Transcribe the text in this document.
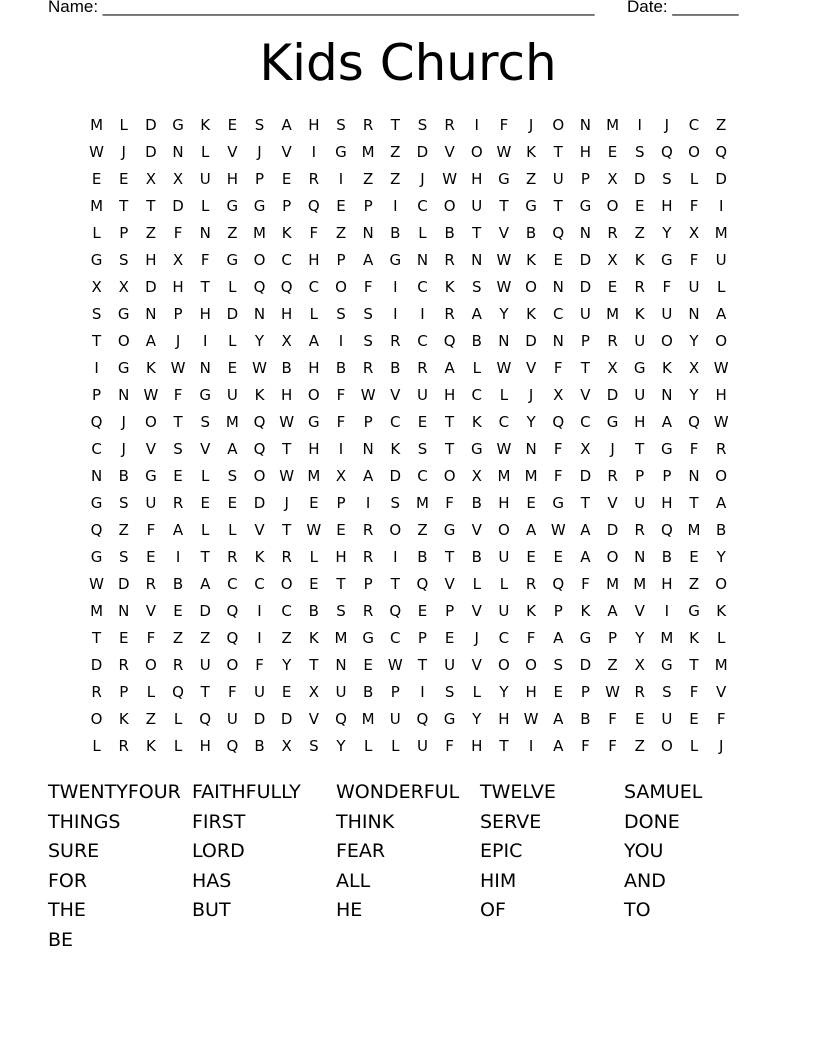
Name: ____________________________________________________ Date: _______
Kids Church
M	L	D	G	K	E	S	A	H	S	R	T	S	R	I	F	J	O	N	M	I	J	C	Z
W	J	D	N	L	V	J	V	I	G M	Z	D	V	O W K	T	H	E	S	Q	O	Q
E	E	X	X	U	H	P	E	R	I	Z	Z	J	W H	G	Z	U	P	X	D	S	L	D
M	T	T	D	L	G	G	P	Q	E	P	I	C	O	U	T	G	T	G	O	E	H	F	I
L	P	Z	F	N	Z	M	K	F	Z	N	B	L	B	T	V	B	Q	N	R	Z	Y	X	M
G	S	H	X	F	G	O	C	H	P	A	G	N	R	N W K	E	D	X	K	G	F	U
X	X	D	H	T	L	Q	Q	C	O	F	I	C	K	S W O	N	D	E	R	F	U	L
S	G	N	P	H	D	N	H	L	S	S	I	I	R	A	Y	K	C	U	M	K	U	N	A
T	O	A	J	I	L	Y	X	A	I	S	R	C	Q	B	N	D	N	P	R	U	O	Y	O
I	G	K W N	E	W B	H	B	R	B	R	A	L	W V	F	T	X	G	K	X W
P	N W	F	G	U	K	H	O	F	W V	U	H	C	L	J	X	V	D	U	N	Y	H
Q	J	O	T	S	M Q W G	F	P	C	E	T	K	C	Y	Q	C	G	H	A	Q W
C	J	V	S	V	A	Q	T	H	I	N	K	S	T	G W N	F	X	J	T	G	F	R
N	B	G	E	L	S	O W M	X	A	D	C	O	X	M M	F	D	R	P	P	N	O
G	S	U	R	E	E	D	J	E	P	I	S	M	F	B	H	E	G	T	V	U	H	T	A
Q	Z	F	A	L	L	V	T	W E	R	O	Z	G	V	O	A W A	D	R	Q M	B
G	S	E	I	T	R	K	R	L	H	R	I	B	T	B	U	E	E	A	O	N	B	E	Y
W D	R	B	A	C	C	O	E	T	P	T	Q	V	L	L	R	Q	F	M M	H	Z	O
M	N	V	E	D	Q	I	C	B	S	R	Q	E	P	V	U	K	P	K	A	V	I	G	K
T	E	F	Z	Z	Q	I	Z	K	M G	C	P	E	J	C	F	A	G	P	Y	M	K	L
D	R	O	R	U	O	F	Y	T	N	E	W	T	U	V	O	O	S	D	Z	X	G	T	M
R	P	L	Q	T	F	U	E	X	U	B	P	I	S	L	Y	H	E	P	W R	S	F	V
O	K	Z	L	Q	U	D	D	V	Q M	U	Q	G	Y	H W A	B	F	E	U	E	F
L	R	K	L	H	Q	B	X	S	Y	L	L	U	F	H	T	I	A	F	F	Z	O	L	J
TWENTYFOUR FAITHFULLY WONDERFUL TWELVE	SAMUEL
THINGS	FIRST	THINK	SERVE	DONE
SURE	LORD	FEAR	EPIC	YOU
FOR	HAS	ALL	HIM	AND
THE	BUT	HE	OF	TO
BE
